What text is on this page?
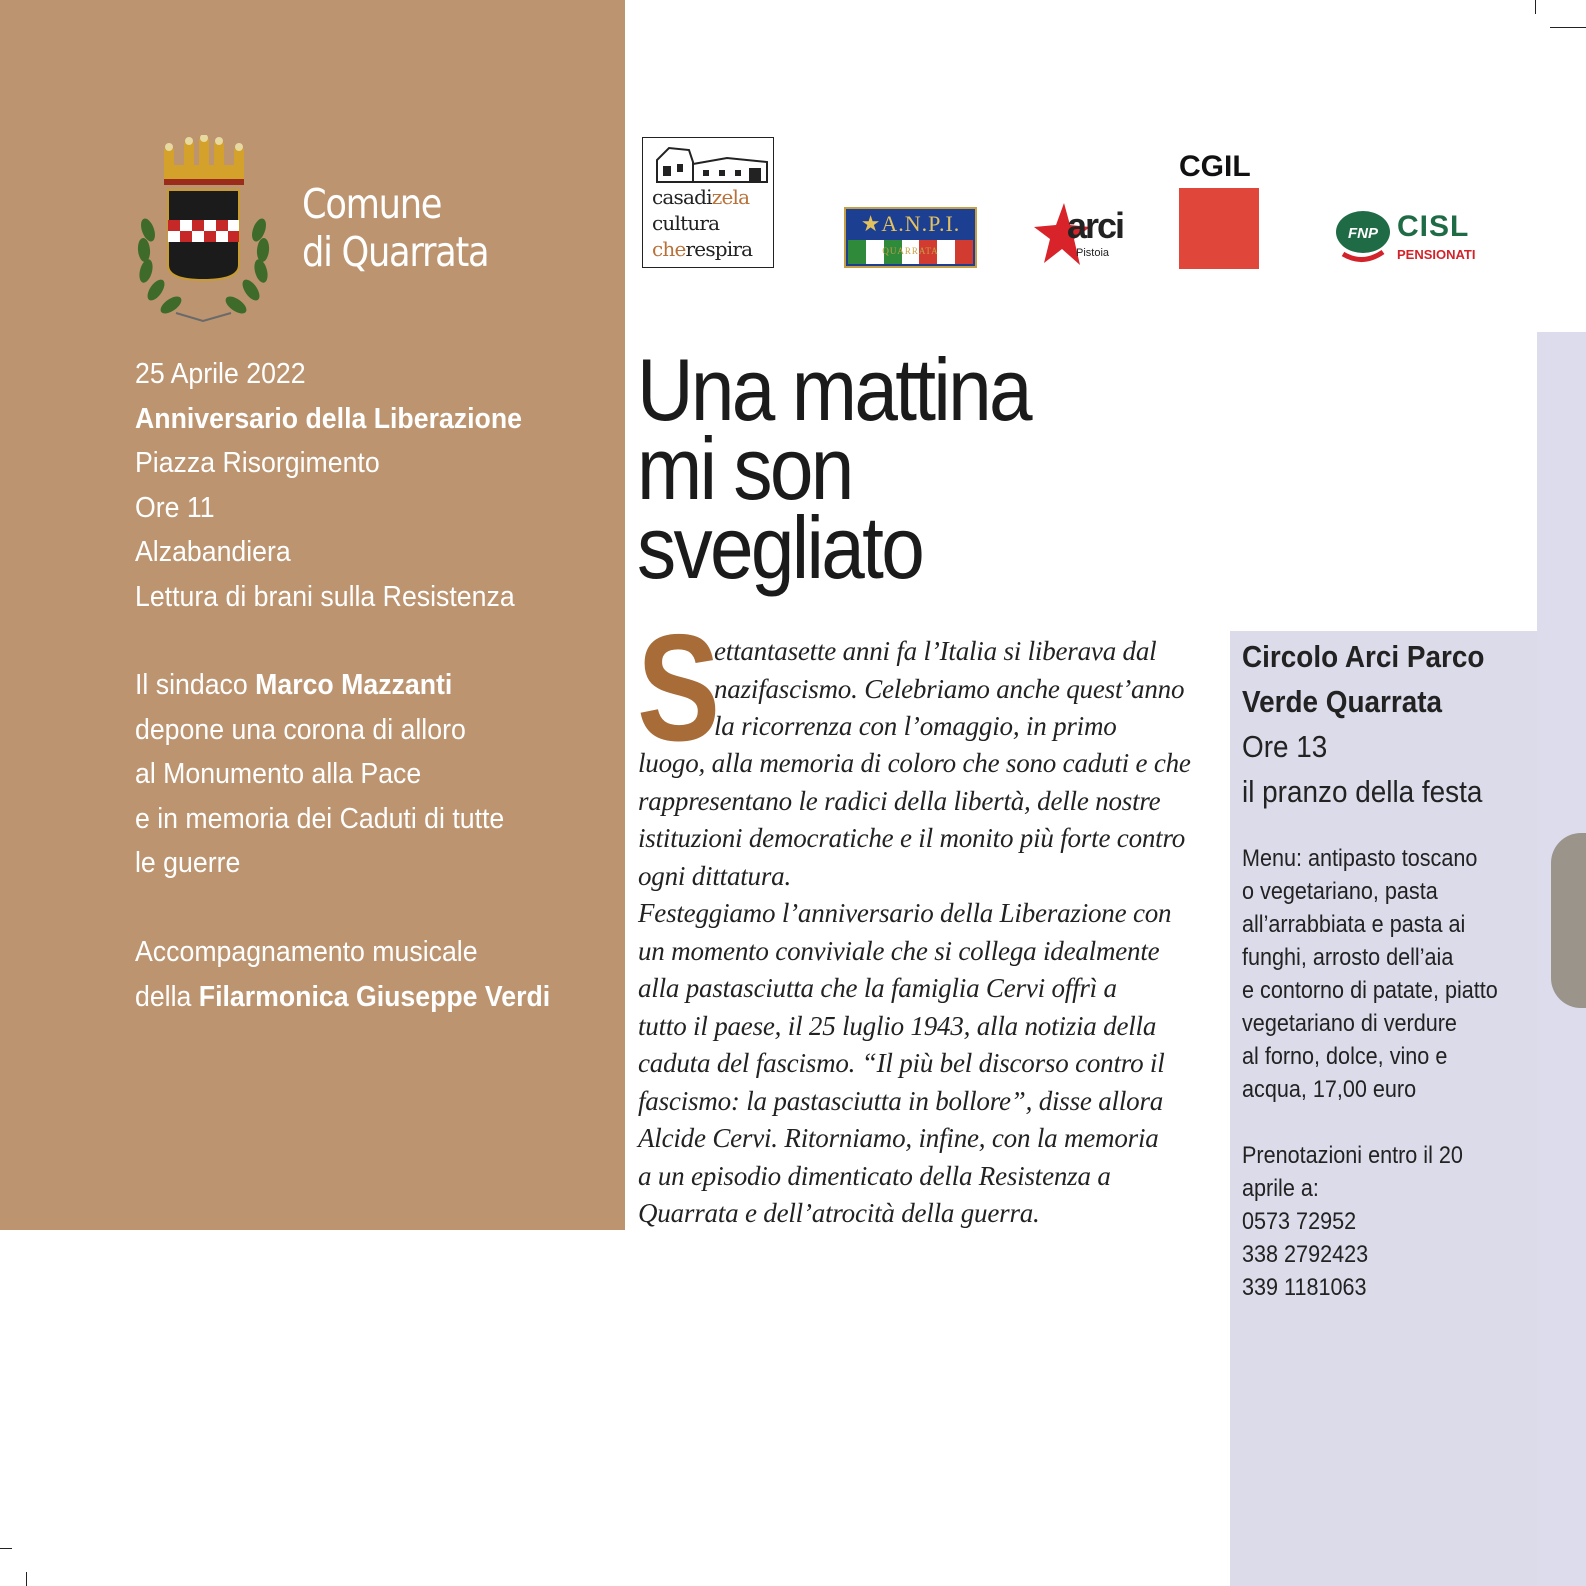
Comune
di Quarrata
25 Aprile 2022
Anniversario della Liberazione
Piazza Risorgimento
Ore 11
Alzabandiera
Lettura di brani sulla Resistenza
Il sindaco Marco Mazzanti
depone una corona di alloro
al Monumento alla Pace
e in memoria dei Caduti di tutte
le guerre
Accompagnamento musicale
della Filarmonica Giuseppe Verdi
casadizela
cultura
cherespira
★A.N.P.I.
QUARRATA
arci
Pistoia
CGIL
FNP CISL
PENSIONATI
Una mattina
mi son
svegliato
S
ettantasette anni fa l’Italia si liberava dal
nazifascismo. Celebriamo anche quest’anno
la ricorrenza con l’omaggio, in primo
luogo, alla memoria di coloro che sono caduti e che
rappresentano le radici della libertà, delle nostre
istituzioni democratiche e il monito più forte contro
ogni dittatura.
Festeggiamo l’anniversario della Liberazione con
un momento conviviale che si collega idealmente
alla pastasciutta che la famiglia Cervi offrì a
tutto il paese, il 25 luglio 1943, alla notizia della
caduta del fascismo. “Il più bel discorso contro il
fascismo: la pastasciutta in bollore”, disse allora
Alcide Cervi. Ritorniamo, infine, con la memoria
a un episodio dimenticato della Resistenza a
Quarrata e dell’atrocità della guerra.
Circolo Arci Parco
Verde Quarrata
Ore 13
il pranzo della festa
Menu: antipasto toscano
o vegetariano, pasta
all’arrabbiata e pasta ai
funghi, arrosto dell’aia
e contorno di patate, piatto
vegetariano di verdure
al forno, dolce, vino e
acqua, 17,00 euro
Prenotazioni entro il 20
aprile a:
0573 72952
338 2792423
339 1181063
